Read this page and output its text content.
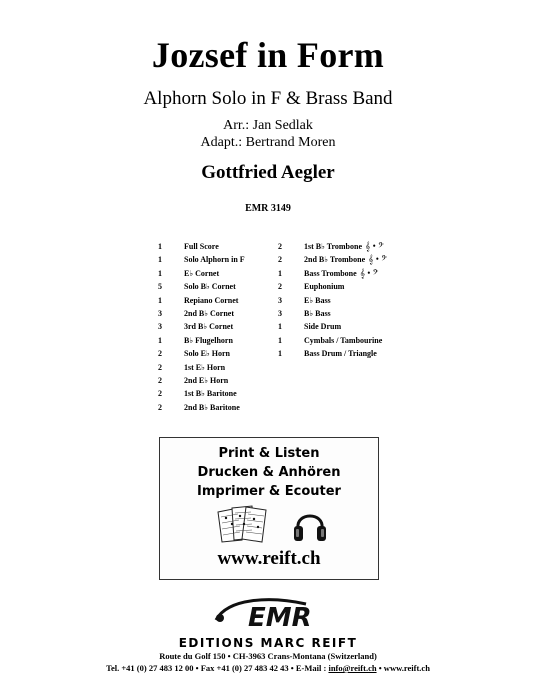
Jozsef in Form
Alphorn Solo in F & Brass Band
Arr.: Jan Sedlak
Adapt.: Bertrand Moren
Gottfried Aegler
EMR 3149
1	Full Score
1	Solo Alphorn in F
1	E♭ Cornet
5	Solo B♭ Cornet
1	Repiano Cornet
3	2nd B♭ Cornet
3	3rd B♭ Cornet
1	B♭ Flugelhorn
2	Solo E♭ Horn
2	1st E♭ Horn
2	2nd E♭ Horn
2	1st B♭ Baritone
2	2nd B♭ Baritone
2	1st B♭ Trombone 𝄞 • 𝄢
2	2nd B♭ Trombone 𝄞 • 𝄢
1	Bass Trombone 𝄞 • 𝄢
2	Euphonium
3	E♭ Bass
3	B♭ Bass
1	Side Drum
1	Cymbals / Tambourine
1	Bass Drum / Triangle
Print & Listen
Drucken & Anhören
Imprimer & Ecouter
www.reift.ch
EMR
EDITIONS MARC REIFT
Route du Golf 150 • CH-3963 Crans-Montana (Switzerland)
Tel. +41 (0) 27 483 12 00 • Fax +41 (0) 27 483 42 43 • E-Mail : info@reift.ch • www.reift.ch
